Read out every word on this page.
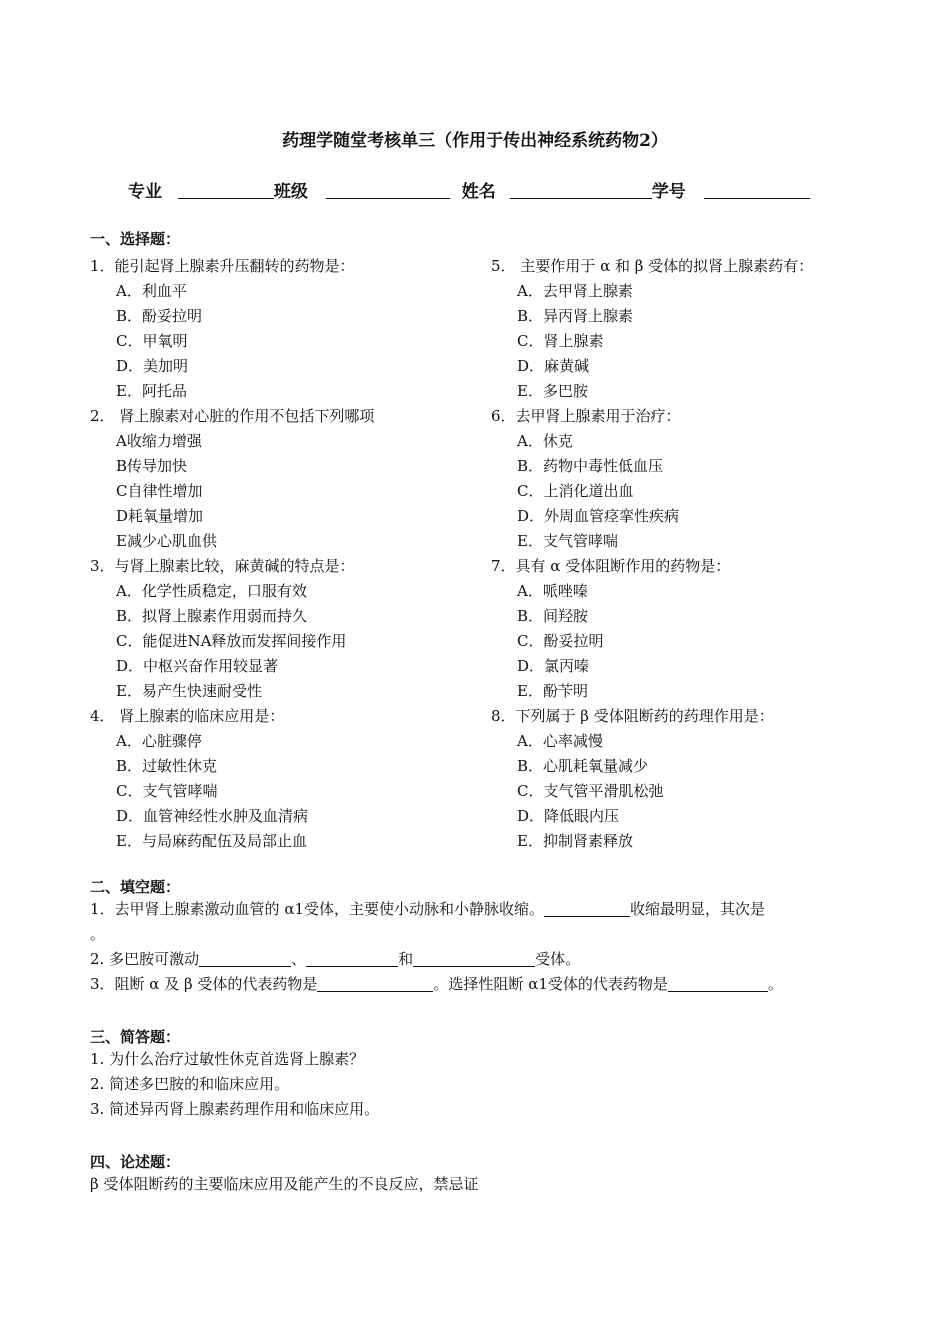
药理学随堂考核单三（作用于传出神经系统药物2）
专业	班级	姓名	学号
一、选择题：
1．能引起肾上腺素升压翻转的药物是：
A．利血平
B．酚妥拉明
C．甲氧明
D．美加明
E．阿托品
2． 肾上腺素对心脏的作用不包括下列哪项
A收缩力增强
B传导加快
C自律性增加
D耗氧量增加
E减少心肌血供
3．与肾上腺素比较，麻黄碱的特点是：
A．化学性质稳定，口服有效
B．拟肾上腺素作用弱而持久
C．能促进NA释放而发挥间接作用
D．中枢兴奋作用较显著
E．易产生快速耐受性
4． 肾上腺素的临床应用是：
A．心脏骤停
B．过敏性休克
C．支气管哮喘
D．血管神经性水肿及血清病
E．与局麻药配伍及局部止血
5． 主要作用于 α 和 β 受体的拟肾上腺素药有：
A．去甲肾上腺素
B．异丙肾上腺素
C．肾上腺素
D．麻黄碱
E．多巴胺
6．去甲肾上腺素用于治疗：
A．休克
B．药物中毒性低血压
C．上消化道出血
D．外周血管痉挛性疾病
E．支气管哮喘
7．具有 α 受体阻断作用的药物是：
A．哌唑嗪
B．间羟胺
C．酚妥拉明
D．氯丙嗪
E．酚苄明
8．下列属于 β 受体阻断药的药理作用是：
A．心率减慢
B．心肌耗氧量减少
C．支气管平滑肌松弛
D．降低眼内压
E．抑制肾素释放
二、填空题：
1．去甲肾上腺素激动血管的 α1受体，主要使小动脉和小静脉收缩。	收缩最明显，其次是
。
2. 多巴胺可激动	、	和	受体。
3．阻断 α 及 β 受体的代表药物是	。选择性阻断 α1受体的代表药物是	。
三、简答题：
1. 为什么治疗过敏性休克首选肾上腺素？
2. 简述多巴胺的和临床应用。
3. 简述异丙肾上腺素药理作用和临床应用。
四、论述题：
β 受体阻断药的主要临床应用及能产生的不良反应，禁忌证
